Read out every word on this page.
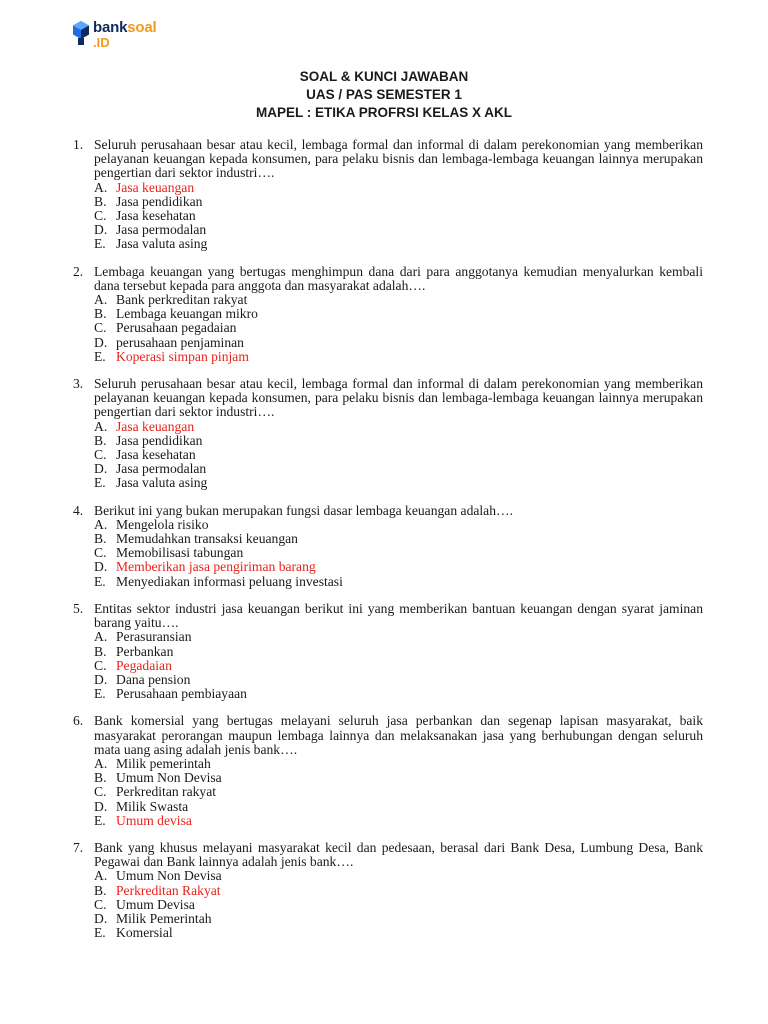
banksoal
.ID
SOAL & KUNCI JAWABAN
UAS / PAS SEMESTER 1
MAPEL : ETIKA PROFRSI KELAS X AKL
1. Seluruh perusahaan besar atau kecil, lembaga formal dan informal di dalam perekonomian yang memberikan pelayanan keuangan kepada konsumen, para pelaku bisnis dan lembaga-lembaga keuangan lainnya merupakan pengertian dari sektor industri….
A. Jasa keuangan
B. Jasa pendidikan
C. Jasa kesehatan
D. Jasa permodalan
E. Jasa valuta asing
2. Lembaga keuangan yang bertugas menghimpun dana dari para anggotanya kemudian menyalurkan kembali dana tersebut kepada para anggota dan masyarakat adalah….
A. Bank perkreditan rakyat
B. Lembaga keuangan mikro
C. Perusahaan pegadaian
D. perusahaan penjaminan
E. Koperasi simpan pinjam
3. Seluruh perusahaan besar atau kecil, lembaga formal dan informal di dalam perekonomian yang memberikan pelayanan keuangan kepada konsumen, para pelaku bisnis dan lembaga-lembaga keuangan lainnya merupakan pengertian dari sektor industri….
A. Jasa keuangan
B. Jasa pendidikan
C. Jasa kesehatan
D. Jasa permodalan
E. Jasa valuta asing
4. Berikut ini yang bukan merupakan fungsi dasar lembaga keuangan adalah….
A. Mengelola risiko
B. Memudahkan transaksi keuangan
C. Memobilisasi tabungan
D. Memberikan jasa pengiriman barang
E. Menyediakan informasi peluang investasi
5. Entitas sektor industri jasa keuangan berikut ini yang memberikan bantuan keuangan dengan syarat jaminan barang yaitu….
A. Perasuransian
B. Perbankan
C. Pegadaian
D. Dana pension
E. Perusahaan pembiayaan
6. Bank komersial yang bertugas melayani seluruh jasa perbankan dan segenap lapisan masyarakat, baik masyarakat perorangan maupun lembaga lainnya dan melaksanakan jasa yang berhubungan dengan seluruh mata uang asing adalah jenis bank….
A. Milik pemerintah
B. Umum Non Devisa
C. Perkreditan rakyat
D. Milik Swasta
E. Umum devisa
7. Bank yang khusus melayani masyarakat kecil dan pedesaan, berasal dari Bank Desa, Lumbung Desa, Bank Pegawai dan Bank lainnya adalah jenis bank….
A. Umum Non Devisa
B. Perkreditan Rakyat
C. Umum Devisa
D. Milik Pemerintah
E. Komersial
